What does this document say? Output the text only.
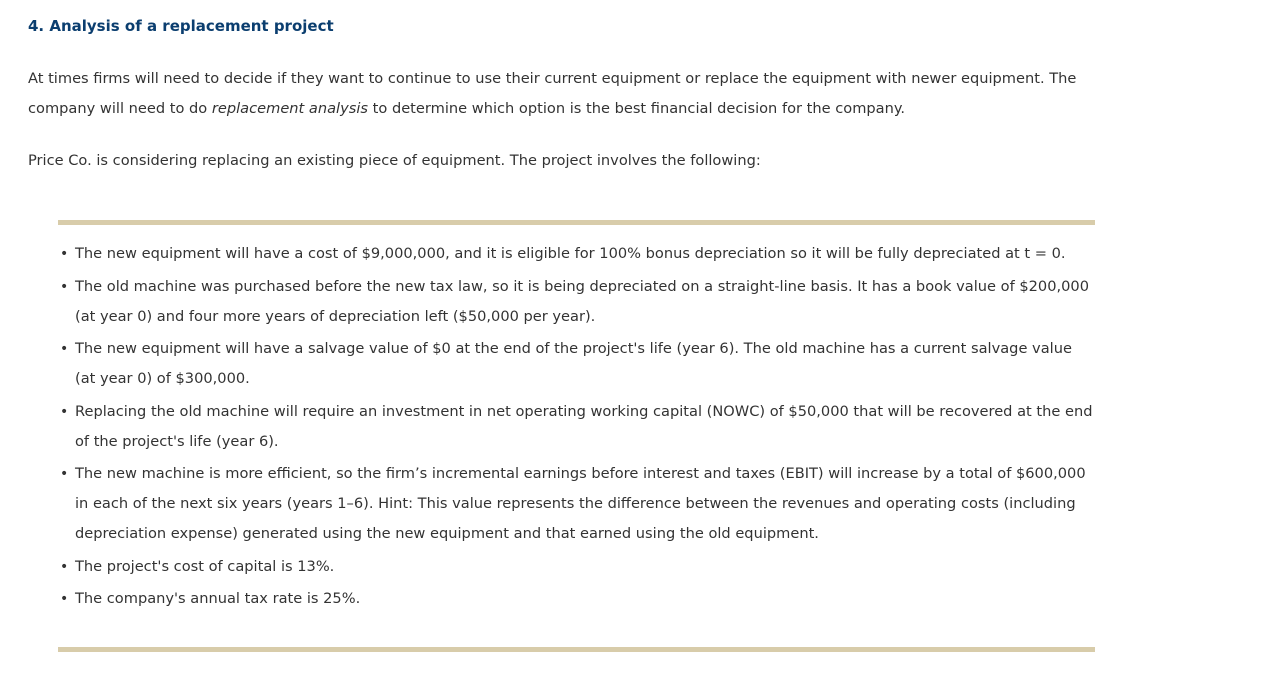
4. Analysis of a replacement project

At times firms will need to decide if they want to continue to use their current equipment or replace the equipment with newer equipment. The company will need to do replacement analysis to determine which option is the best financial decision for the company.

Price Co. is considering replacing an existing piece of equipment. The project involves the following:

• The new equipment will have a cost of $9,000,000, and it is eligible for 100% bonus depreciation so it will be fully depreciated at t = 0.
• The old machine was purchased before the new tax law, so it is being depreciated on a straight-line basis. It has a book value of $200,000 (at year 0) and four more years of depreciation left ($50,000 per year).
• The new equipment will have a salvage value of $0 at the end of the project's life (year 6). The old machine has a current salvage value (at year 0) of $300,000.
• Replacing the old machine will require an investment in net operating working capital (NOWC) of $50,000 that will be recovered at the end of the project's life (year 6).
• The new machine is more efficient, so the firm’s incremental earnings before interest and taxes (EBIT) will increase by a total of $600,000 in each of the next six years (years 1–6). Hint: This value represents the difference between the revenues and operating costs (including depreciation expense) generated using the new equipment and that earned using the old equipment.
• The project's cost of capital is 13%.
• The company's annual tax rate is 25%.
